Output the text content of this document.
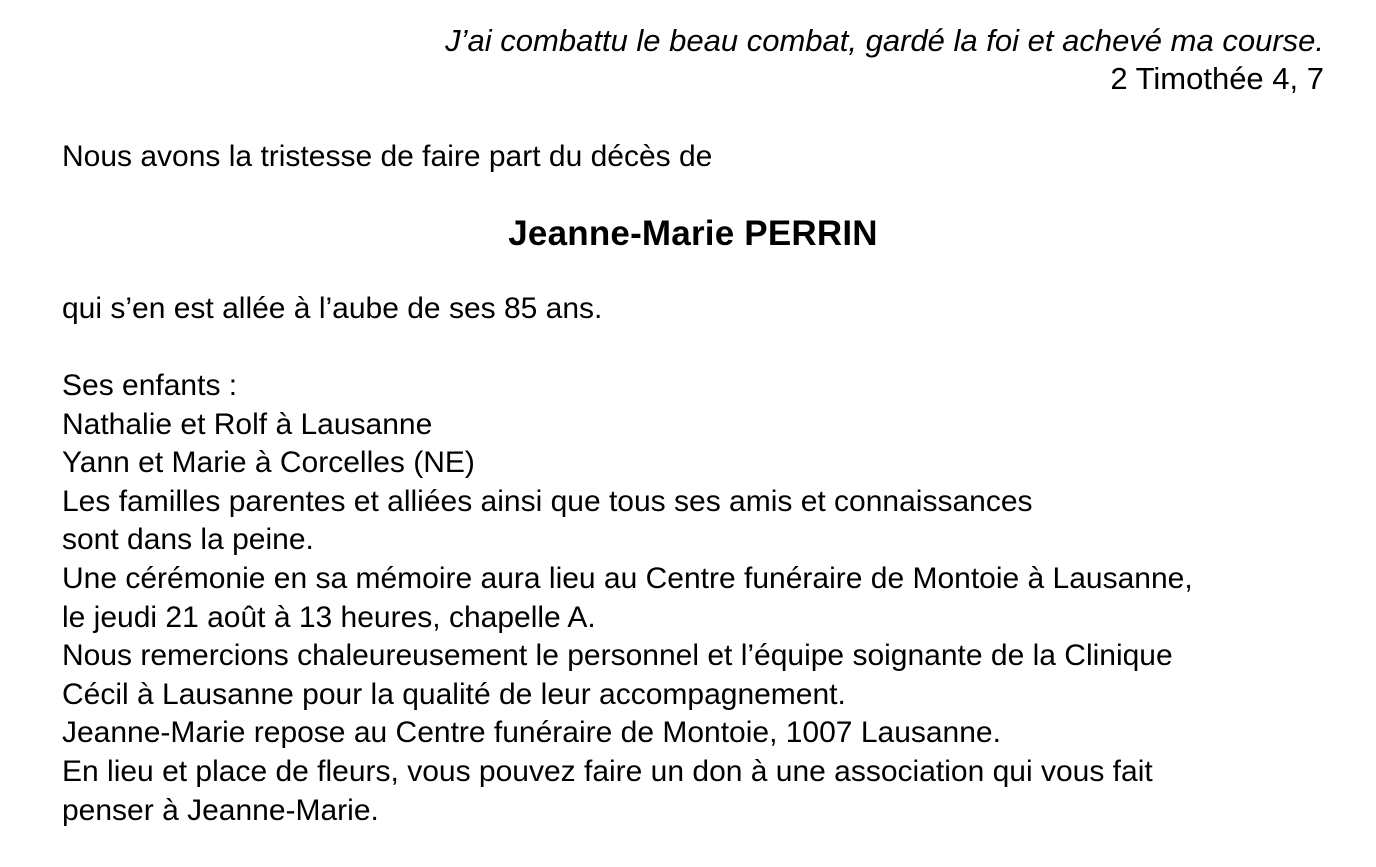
J’ai combattu le beau combat, gardé la foi et achevé ma course.
2 Timothée 4, 7
Nous avons la tristesse de faire part du décès de
Jeanne-Marie PERRIN
qui s’en est allée à l’aube de ses 85 ans.
Ses enfants :
Nathalie et Rolf à Lausanne
Yann et Marie à Corcelles (NE)
Les familles parentes et alliées ainsi que tous ses amis et connaissances
sont dans la peine.
Une cérémonie en sa mémoire aura lieu au Centre funéraire de Montoie à Lausanne,
le jeudi 21 août à 13 heures, chapelle A.
Nous remercions chaleureusement le personnel et l’équipe soignante de la Clinique
Cécil à Lausanne pour la qualité de leur accompagnement.
Jeanne-Marie repose au Centre funéraire de Montoie, 1007 Lausanne.
En lieu et place de fleurs, vous pouvez faire un don à une association qui vous fait
penser à Jeanne-Marie.
